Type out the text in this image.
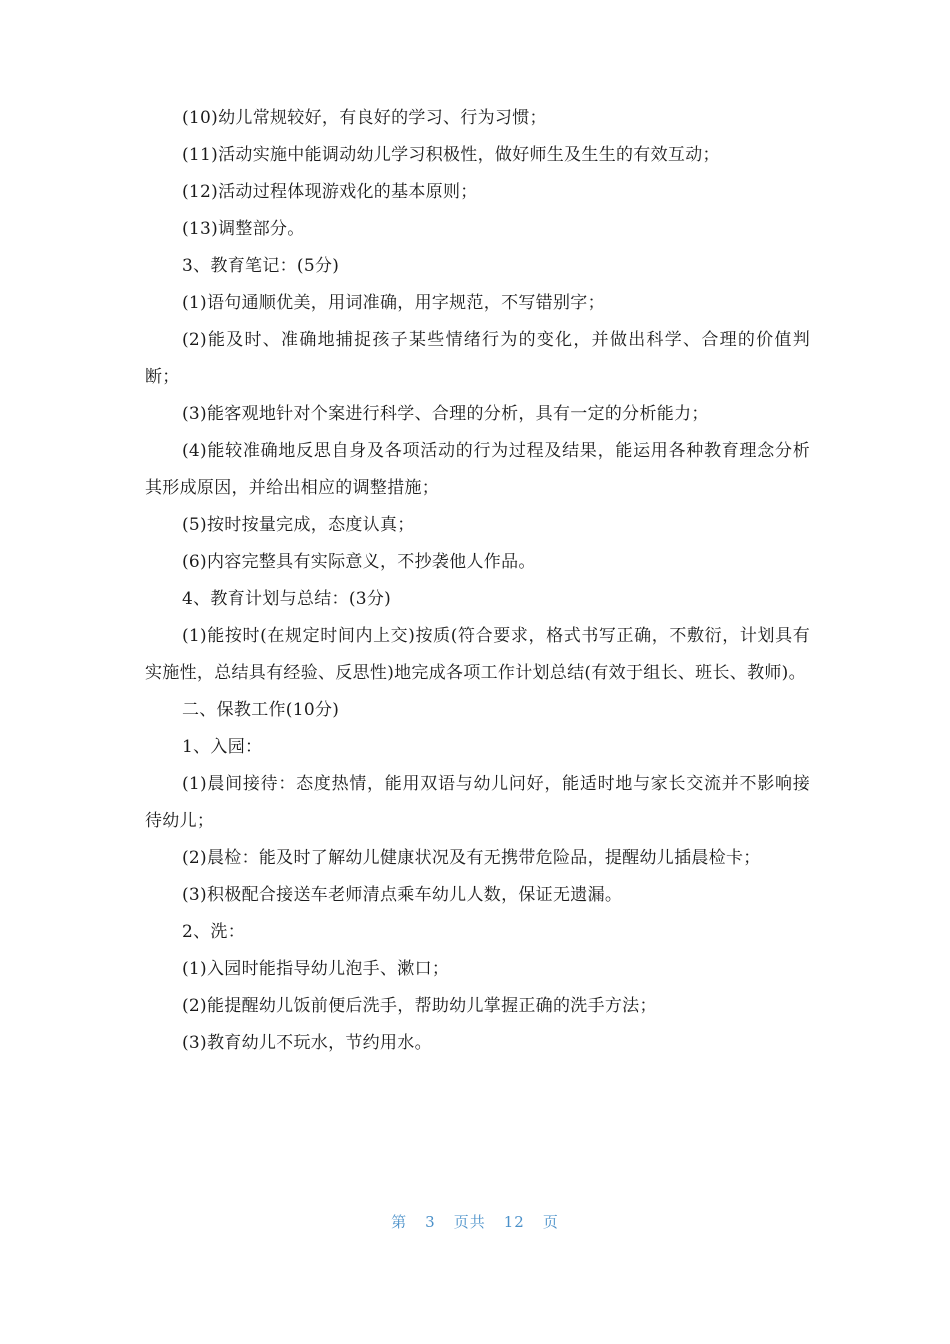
(10)幼儿常规较好，有良好的学习、行为习惯；

(11)活动实施中能调动幼儿学习积极性，做好师生及生生的有效互动；

(12)活动过程体现游戏化的基本原则；

(13)调整部分。

3、教育笔记：(5分)

(1)语句通顺优美，用词准确，用字规范，不写错别字；

(2)能及时、准确地捕捉孩子某些情绪行为的变化，并做出科学、合理的价值判断；

(3)能客观地针对个案进行科学、合理的分析，具有一定的分析能力；

(4)能较准确地反思自身及各项活动的行为过程及结果，能运用各种教育理念分析其形成原因，并给出相应的调整措施；

(5)按时按量完成，态度认真；

(6)内容完整具有实际意义，不抄袭他人作品。

4、教育计划与总结：(3分)

(1)能按时(在规定时间内上交)按质(符合要求，格式书写正确，不敷衍，计划具有实施性，总结具有经验、反思性)地完成各项工作计划总结(有效于组长、班长、教师)。

二、保教工作(10分)

1、入园：

(1)晨间接待：态度热情，能用双语与幼儿问好，能适时地与家长交流并不影响接待幼儿；

(2)晨检：能及时了解幼儿健康状况及有无携带危险品，提醒幼儿插晨检卡；

(3)积极配合接送车老师清点乘车幼儿人数，保证无遗漏。

2、洗：

(1)入园时能指导幼儿泡手、漱口；

(2)能提醒幼儿饭前便后洗手，帮助幼儿掌握正确的洗手方法；

(3)教育幼儿不玩水，节约用水。

第 3 页共 12 页
